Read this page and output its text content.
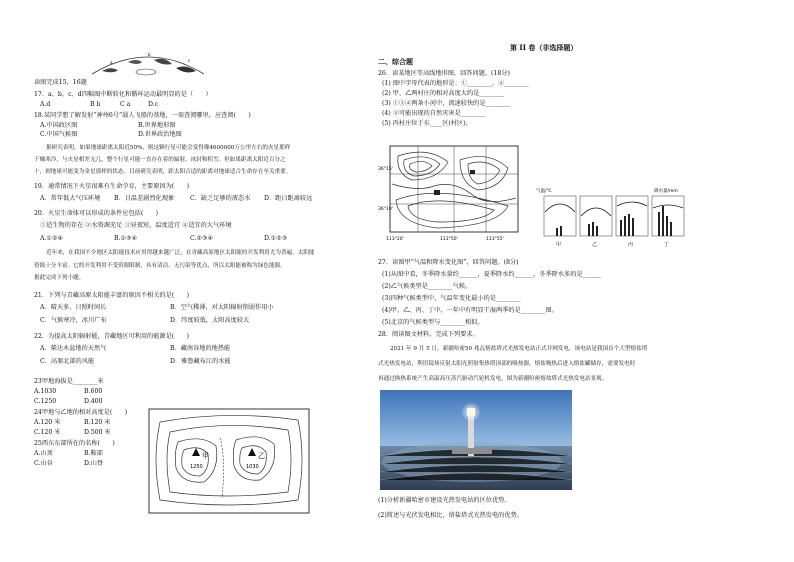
a
b
c
读图完成15，16题
17．a、b、c、d四幅图中断转化和循环运动最明显的是（　　）
A.d	B b	C a	D.c
18.某同学想了解发射“神州6号”载人飞船的基地，一需查阅哪里，应查阅(　　)
A.中国政区图	B.世界地形图
C.中国气候图	D.世界政治地图
据研究表明，如果地球距离太阳近50%，则这颗行星可能会变得像4600000万公里左右的火星那样
干燥寒冷，与火星相差无几，整个行星可能一直存在着的辐射，冰封和积雪。但如果距离太阳近百分之
十，则地球可能变为金星那样的状态。目前研究表明，距太阳合适的距离对地球适合生命存在至关重要。
19．通常情况下火星很难有生命孕育，主要原因为(　　)
A．常年低大气压环境 B．日温差剧烈化现象	C．缺乏足够的液态水 D．距日距离较远
20．火星生命体可以形成的条件应包括(　　)
①适生物的存在 ②水资源充足 ③昼夜短，温度适宜 ④适宜的大气环境
A.①②④	B.①③④	C.②③④	D.①②③
近年来，在我国不少地区太阳能技术应用得越来越广泛，在青藏高原地区太阳能的开发利用尤为普遍，太阳能
资源十分丰富。它的开发利用不受资源限制，具有清洁、无污染等优点，所以太阳能被称为绿色能源。
据此完成下列小题。
21．下列与青藏高原太阳能丰富的原因不相关的是(　　)
A．晴天多，日照时间长	B．空气稀薄，对太阳辐射削弱作用小
C．气候寒冷，冰川广布	D．纬度较低，太阳高度较大
22．为提高太阳辐射能，青藏地区可利用的能源是(　　)
A．柴达木盆地的天然气	B．藏南谷地的地热能
C．高原北部的风能	D．雅鲁藏布江的水能
23甲地海拔是________米
A.1030	B.600
C.1250	D.400
24甲地与乙地的相对高度是(　　)
A.120 米	B.120 米
C.120 米	D.500 米
25西东东部所在的名称(　　)
A.山顶	B.鞍部
C.山谷	D.山脊
甲	乙
1250	1030
第 II 卷（非选择题）
二、综合题
26．读某地区等高线地形图，回答问题。(18分)
(1) 图中字母代表的地形是：①________，②________
(2) 甲、乙两村庄的相对高度大约是________
(3) ①③④两条小河中，流速较快的是________
(4) ②可能出现的自然灾害是________
(5) 丙村庄位于东____区(村区)。
36°15'
36°10'
113°20'	113°50'	113°55'
气温/℃	降水量/mm
甲	乙	丙	丁
27．读图甲“气温和降水变化图”，回答问题。(8分)
(1)从图中看，冬季降水量约______，夏季降水约______，冬季降水多的是______
(2)乙气候类型是________气候。
(3)四种气候类型中，气温年变化最小的是________
(4)甲、乙、丙、丁中，一年中有明显干湿两季的是________图。
(5)北京的气候类型与________相似。
28．阅读图文材料，完成下列要求。
2021 年 9 月 5 日，新疆哈密50 兆瓦熔盐塔式光热发电站正式并网发电，该电站是我国首个大型熔盐塔
式光热发电站，利用镜场反射太阳光照射集热塔顶部的吸热器，熔盐吸热后进入熔盐罐储存，需要发电时
再通过换热系统产生高温高压蒸汽驱动汽轮机发电。图为新疆哈密熔盐塔式光热发电站景观。
(1)分析新疆哈密市建设光热发电站的区位优势。
(2)简述与光伏发电相比，熔盐塔式光热发电的优势。
